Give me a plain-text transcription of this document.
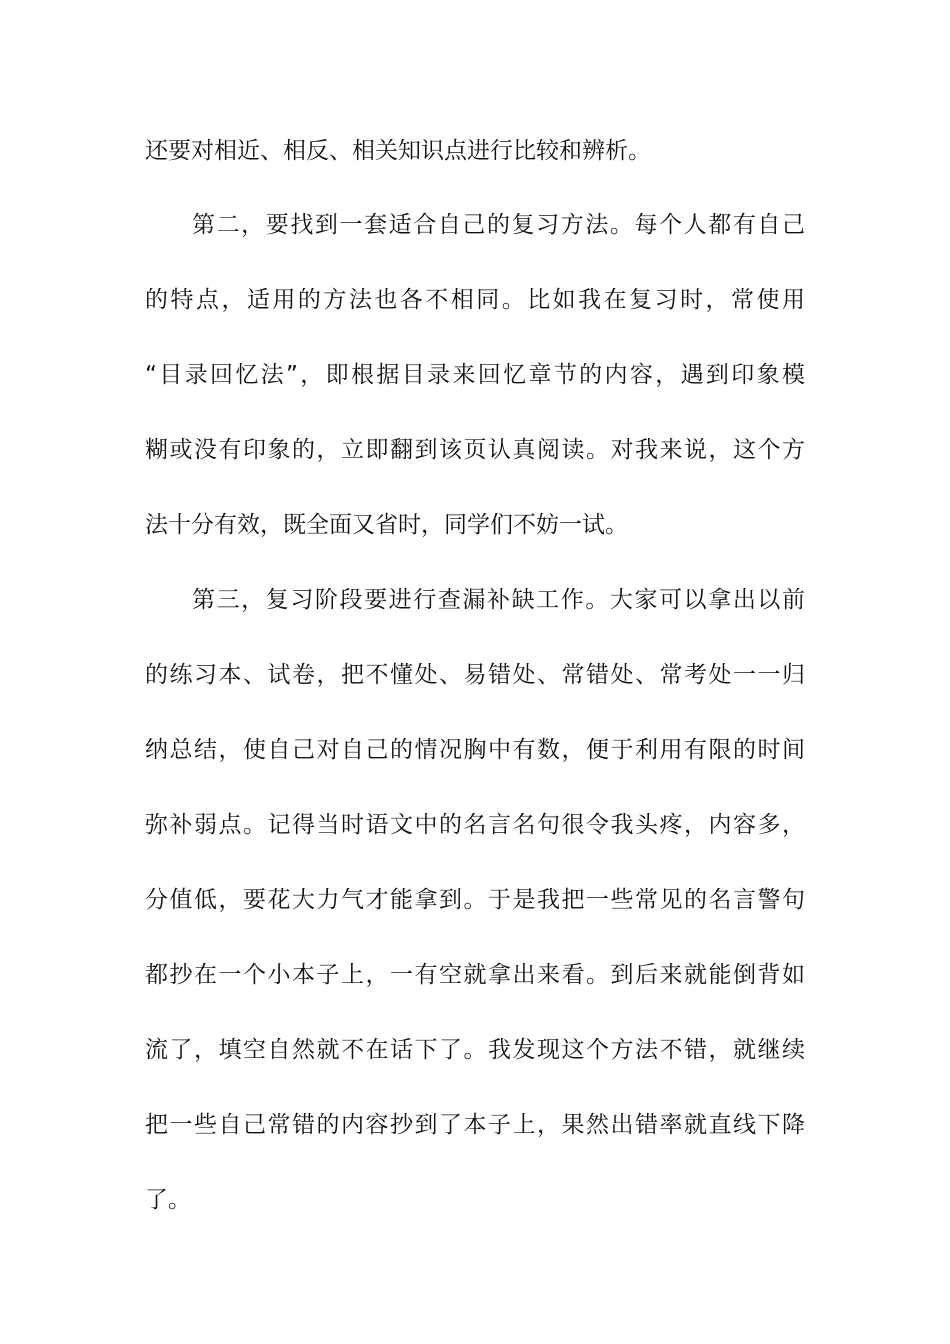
还要对相近、相反、相关知识点进行比较和辨析。
第二，要找到一套适合自己的复习方法。每个人都有自己
的特点，适用的方法也各不相同。比如我在复习时，常使用
“目录回忆法”，即根据目录来回忆章节的内容，遇到印象模
糊或没有印象的，立即翻到该页认真阅读。对我来说，这个方
法十分有效，既全面又省时，同学们不妨一试。
第三，复习阶段要进行查漏补缺工作。大家可以拿出以前
的练习本、试卷，把不懂处、易错处、常错处、常考处一一归
纳总结，使自己对自己的情况胸中有数，便于利用有限的时间
弥补弱点。记得当时语文中的名言名句很令我头疼，内容多，
分值低，要花大力气才能拿到。于是我把一些常见的名言警句
都抄在一个小本子上，一有空就拿出来看。到后来就能倒背如
流了，填空自然就不在话下了。我发现这个方法不错，就继续
把一些自己常错的内容抄到了本子上，果然出错率就直线下降
了。
